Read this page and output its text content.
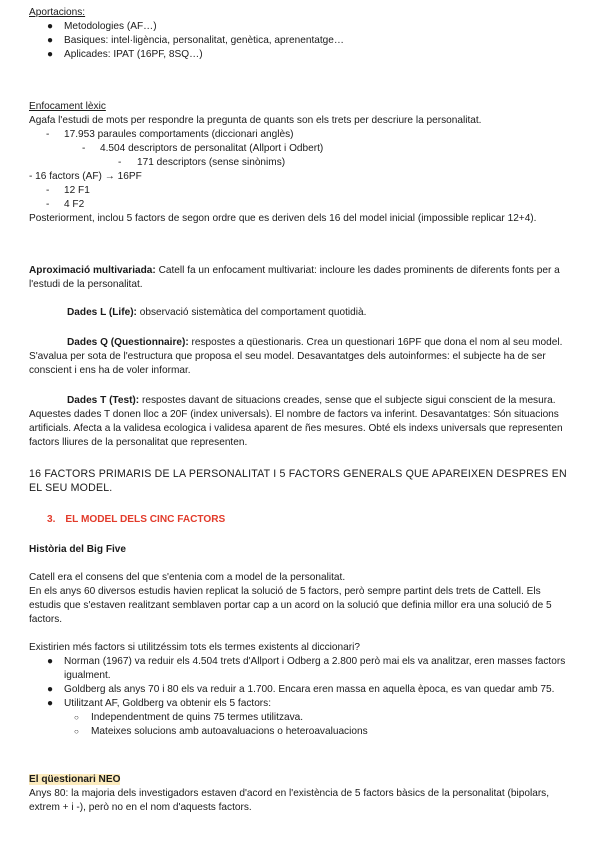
Aportacions:

● Metodologies (AF…)
● Basiques: intel·ligència, personalitat, genètica, aprenentatge…
● Aplicades: IPAT (16PF, 8SQ…)

Enfocament lèxic

Agafa l'estudi de mots per respondre la pregunta de quants son els trets per descriure la personalitat.

- 17.953 paraules comportaments (diccionari anglès)
- 4.504 descriptors de personalitat (Allport i Odbert)
- 171 descriptors (sense sinònims)

- 16 factors (AF) → 16PF

- 12 F1
- 4 F2

Posteriorment, inclou 5 factors de segon ordre que es deriven dels 16 del model inicial (impossible replicar 12+4).

Aproximació multivariada: Catell fa un enfocament multivariat: incloure les dades prominents de diferents fonts per a l'estudi de la personalitat.

Dades L (Life): observació sistemàtica del comportament quotidià.

Dades Q (Questionnaire): respostes a qüestionaris. Crea un questionari 16PF que dona el nom al seu model. S'avalua per sota de l'estructura que proposa el seu model. Desavantatges dels autoinformes: el subjecte ha de ser conscient i ens ha de voler informar.

Dades T (Test): respostes davant de situacions creades, sense que el subjecte sigui conscient de la mesura. Aquestes dades T donen lloc a 20F (index universals). El nombre de factors va inferint. Desavantatges: Són situacions artificials. Afecta a la validesa ecologica i validesa aparent de ñes mesures. Obté els indexs universals que representen factors lliures de la personalitat que representen.

16 FACTORS PRIMARIS DE LA PERSONALITAT I 5 FACTORS GENERALS QUE APAREIXEN DESPRES EN EL SEU MODEL.

3. EL MODEL DELS CINC FACTORS

Història del Big Five

Catell era el consens del que s'entenia com a model de la personalitat.

En els anys 60 diversos estudis havien replicat la solució de 5 factors, però sempre partint dels trets de Cattell. Els estudis que s'estaven realitzant semblaven portar cap a un acord on la solució que definia millor era una solució de 5 factors.

Existirien més factors si utilitzéssim tots els termes existents al diccionari?

● Norman (1967) va reduir els 4.504 trets d'Allport i Odberg a 2.800 però mai els va analitzar, eren masses factors igualment.
● Goldberg als anys 70 i 80 els va reduir a 1.700. Encara eren massa en aquella època, es van quedar amb 75.
● Utilitzant AF, Goldberg va obtenir els 5 factors:
○ Independentment de quins 75 termes utilitzava.
○ Mateixes solucions amb autoavaluacions o heteroavaluacions

El qüestionari NEO

Anys 80: la majoria dels investigadors estaven d'acord en l'existència de 5 factors bàsics de la personalitat (bipolars, extrem + i -), però no en el nom d'aquests factors.
